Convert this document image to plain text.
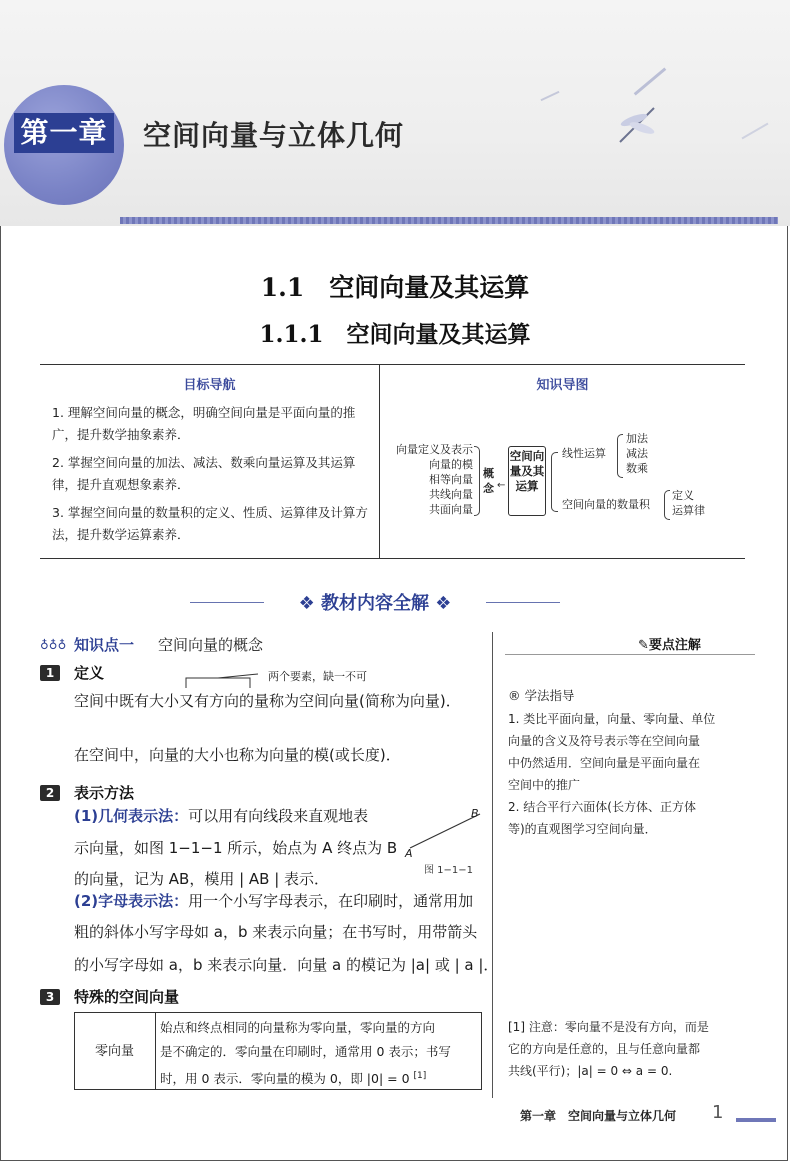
第一章 空间向量与立体几何
1.1　空间向量及其运算
1.1.1　空间向量及其运算
目标导航	知识导图
1. 理解空间向量的概念，明确空间向量是平面向量的推广，提升数学抽象素养．
2. 掌握空间向量的加法、减法、数乘向量运算及其运算律，提升直观想象素养．
3. 掌握空间向量的数量积的定义、性质、运算律及计算方法，提升数学运算素养．
向量定义及表示
向量的模
相等向量
共线向量
共面向量
概念 ←
空间向量及其运算
线性运算
加法
减法
数乘
空间向量的数量积
定义
运算律
❖ 教材内容全解 ❖
♁♁♁ 知识点一 空间向量的概念
1	定义	两个要素，缺一不可
空间中既有大小又有方向的量称为空间向量(简称为向量)．
在空间中，向量的大小也称为向量的模(或长度)．
2	表示方法
(1)几何表示法：可以用有向线段来直观地表
示向量，如图 1−1−1 所示，始点为 A 终点为 B
的向量，记为 AB，模用 | AB | 表示．
B
A
图 1−1−1
(2)字母表示法：用一个小写字母表示，在印刷时，通常用加
粗的斜体小写字母如 a，b 来表示向量；在书写时，用带箭头
的小写字母如 a，b 来表示向量．向量 a 的模记为 |a| 或 | a |．
3	特殊的空间向量
零向量
始点和终点相同的向量称为零向量，零向量的方向
是不确定的．零向量在印刷时，通常用 0 表示；书写
时，用 0 表示．零向量的模为 0，即 |0| = 0 [1]
✎要点注解
® 学法指导
1. 类比平面向量，向量、零向量、单位
向量的含义及符号表示等在空间向量
中仍然适用．空间向量是平面向量在
空间中的推广
2. 结合平行六面体(长方体、正方体
等)的直观图学习空间向量．
[1] 注意：零向量不是没有方向，而是
它的方向是任意的，且与任意向量都
共线(平行)；|a| = 0 ⇔ a = 0.
第一章　空间向量与立体几何 1
